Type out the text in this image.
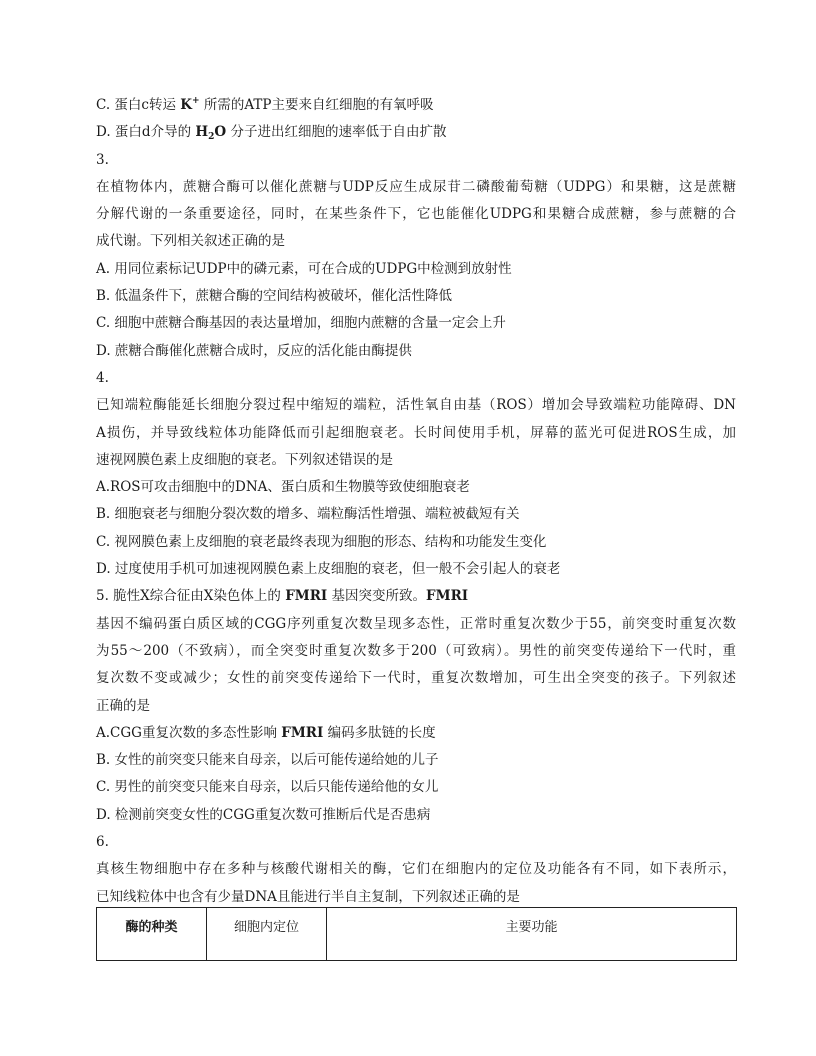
C. 蛋白c转运 K+ 所需的ATP主要来自红细胞的有氧呼吸
D. 蛋白d介导的 $H_2O$ 分子进出红细胞的速率低于自由扩散
3.
在植物体内，蔗糖合酶可以催化蔗糖与UDP反应生成尿苷二磷酸葡萄糖（UDPG）和果糖，这是蔗糖
分解代谢的一条重要途径，同时，在某些条件下，它也能催化UDPG和果糖合成蔗糖，参与蔗糖的合
成代谢。下列相关叙述正确的是
A. 用同位素标记UDP中的磷元素，可在合成的UDPG中检测到放射性
B. 低温条件下，蔗糖合酶的空间结构被破坏，催化活性降低
C. 细胞中蔗糖合酶基因的表达量增加，细胞内蔗糖的含量一定会上升
D. 蔗糖合酶催化蔗糖合成时，反应的活化能由酶提供
4.
已知端粒酶能延长细胞分裂过程中缩短的端粒，活性氧自由基（ROS）增加会导致端粒功能障碍、DN
A损伤，并导致线粒体功能降低而引起细胞衰老。长时间使用手机，屏幕的蓝光可促进ROS生成，加
速视网膜色素上皮细胞的衰老。下列叙述错误的是
A.ROS可攻击细胞中的DNA、蛋白质和生物膜等致使细胞衰老
B. 细胞衰老与细胞分裂次数的增多、端粒酶活性增强、端粒被截短有关
C. 视网膜色素上皮细胞的衰老最终表现为细胞的形态、结构和功能发生变化
D. 过度使用手机可加速视网膜色素上皮细胞的衰老，但一般不会引起人的衰老
5. 脆性X综合征由X染色体上的 FMRI 基因突变所致。FMRI
基因不编码蛋白质区域的CGG序列重复次数呈现多态性，正常时重复次数少于55，前突变时重复次数
为55～200（不致病），而全突变时重复次数多于200（可致病）。男性的前突变传递给下一代时，重
复次数不变或减少；女性的前突变传递给下一代时，重复次数增加，可生出全突变的孩子。下列叙述
正确的是
A.CGG重复次数的多态性影响 FMRI 编码多肽链的长度
B. 女性的前突变只能来自母亲，以后可能传递给她的儿子
C. 男性的前突变只能来自母亲，以后只能传递给他的女儿
D. 检测前突变女性的CGG重复次数可推断后代是否患病
6.
真核生物细胞中存在多种与核酸代谢相关的酶，它们在细胞内的定位及功能各有不同，如下表所示，
已知线粒体中也含有少量DNA且能进行半自主复制，下列叙述正确的是
酶的种类	细胞内定位	主要功能
